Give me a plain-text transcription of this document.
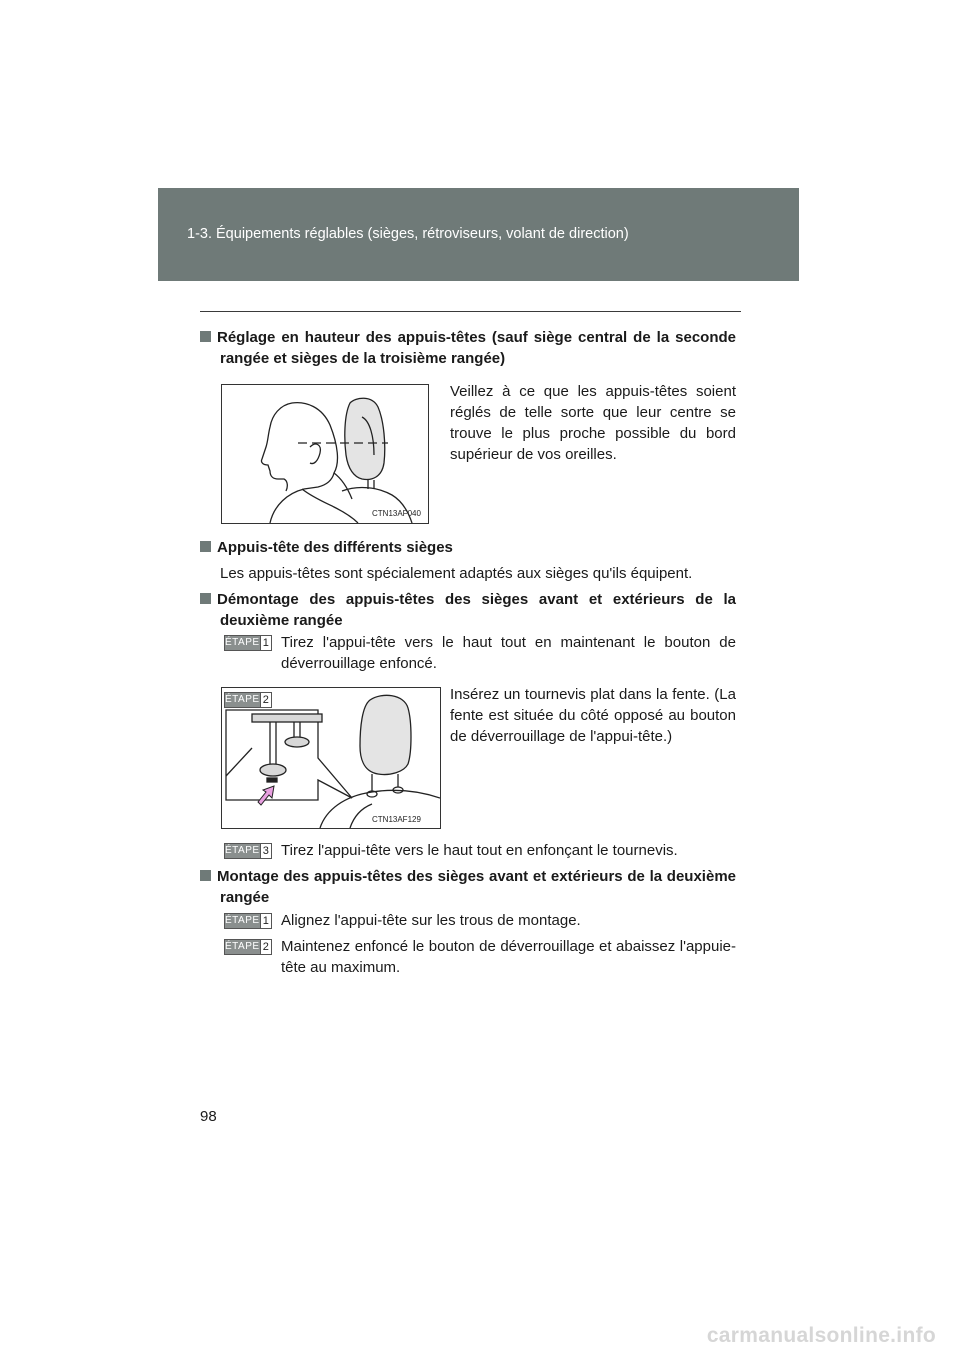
1-3. Équipements réglables (sièges, rétroviseurs, volant de direction)
Réglage en hauteur des appuis-têtes (sauf siège central de la seconde rangée et sièges de la troisième rangée)
CTN13AF040
Veillez à ce que les appuis-têtes soient réglés de telle sorte que leur centre se trouve le plus proche possible du bord supérieur de vos oreilles.
Appuis-tête des différents sièges
Les appuis-têtes sont spécialement adaptés aux sièges qu'ils équipent.
Démontage des appuis-têtes des sièges avant et extérieurs de la deuxième rangée
ÉTAPE 1 Tirez l'appui-tête vers le haut tout en maintenant le bouton de déverrouillage enfoncé.
ÉTAPE 2
CTN13AF129
Insérez un tournevis plat dans la fente. (La fente est située du côté opposé au bouton de déverrouillage de l'appui-tête.)
ÉTAPE 3 Tirez l'appui-tête vers le haut tout en enfonçant le tournevis.
Montage des appuis-têtes des sièges avant et extérieurs de la deuxième rangée
ÉTAPE 1 Alignez l'appui-tête sur les trous de montage.
ÉTAPE 2 Maintenez enfoncé le bouton de déverrouillage et abaissez l'appuie-tête au maximum.
98
carmanualsonline.info
